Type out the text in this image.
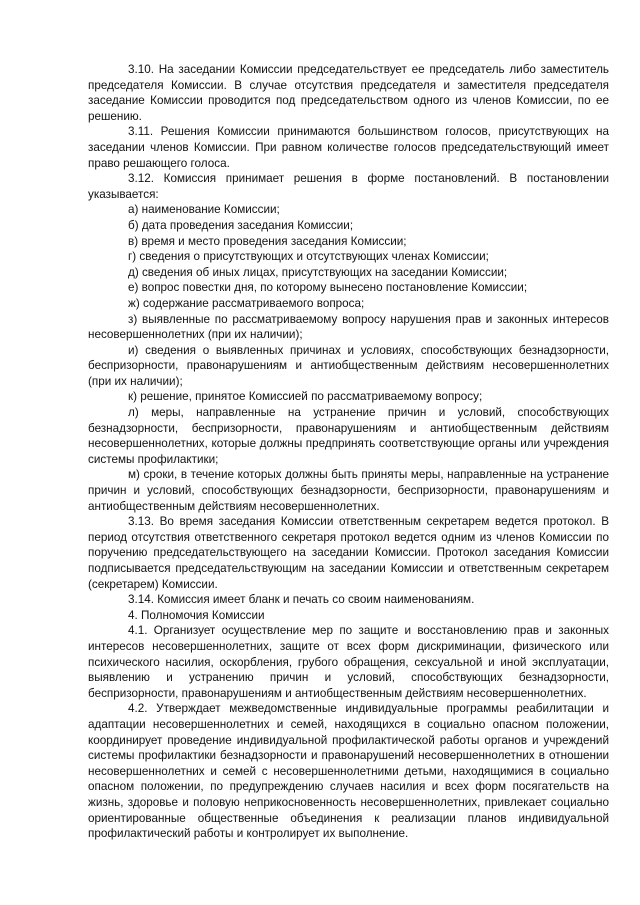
3.10. На заседании Комиссии председательствует ее председатель либо заместитель председателя Комиссии. В случае отсутствия председателя и заместителя председателя заседание Комиссии проводится под председательством одного из членов Комиссии, по ее решению.

3.11. Решения Комиссии принимаются большинством голосов, присутствующих на заседании членов Комиссии. При равном количестве голосов председательствующий имеет право решающего голоса.

3.12. Комиссия принимает решения в форме постановлений. В постановлении указывается:

а) наименование Комиссии;

б) дата проведения заседания Комиссии;

в) время и место проведения заседания Комиссии;

г) сведения о присутствующих и отсутствующих членах Комиссии;

д) сведения об иных лицах, присутствующих на заседании Комиссии;

е) вопрос повестки дня, по которому вынесено постановление Комиссии;

ж) содержание рассматриваемого вопроса;

з) выявленные по рассматриваемому вопросу нарушения прав и законных интересов несовершеннолетних (при их наличии);

и) сведения о выявленных причинах и условиях, способствующих безнадзорности, беспризорности, правонарушениям и антиобщественным действиям несовершеннолетних (при их наличии);

к) решение, принятое Комиссией по рассматриваемому вопросу;

л) меры, направленные на устранение причин и условий, способствующих безнадзорности, беспризорности, правонарушениям и антиобщественным действиям несовершеннолетних, которые должны предпринять соответствующие органы или учреждения системы профилактики;

м) сроки, в течение которых должны быть приняты меры, направленные на устранение причин и условий, способствующих безнадзорности, беспризорности, правонарушениям и антиобщественным действиям несовершеннолетних.

3.13. Во время заседания Комиссии ответственным секретарем ведется протокол. В период отсутствия ответственного секретаря протокол ведется одним из членов Комиссии по поручению председательствующего на заседании Комиссии. Протокол заседания Комиссии подписывается председательствующим на заседании Комиссии и ответственным секретарем (секретарем) Комиссии.

3.14. Комиссия имеет бланк и печать со своим наименованиям.

4. Полномочия Комиссии

4.1. Организует осуществление мер по защите и восстановлению прав и законных интересов несовершеннолетних, защите от всех форм дискриминации, физического или психического насилия, оскорбления, грубого обращения, сексуальной и иной эксплуатации, выявлению и устранению причин и условий, способствующих безнадзорности, беспризорности, правонарушениям и антиобщественным действиям несовершеннолетних.

4.2. Утверждает межведомственные индивидуальные программы реабилитации и адаптации несовершеннолетних и семей, находящихся в социально опасном положении, координирует проведение индивидуальной профилактической работы органов и учреждений системы профилактики безнадзорности и правонарушений несовершеннолетних в отношении несовершеннолетних и семей с несовершеннолетними детьми, находящимися в социально опасном положении, по предупреждению случаев насилия и всех форм посягательств на жизнь, здоровье и половую неприкосновенность несовершеннолетних, привлекает социально ориентированные общественные объединения к реализации планов индивидуальной профилактический работы и контролирует их выполнение.
